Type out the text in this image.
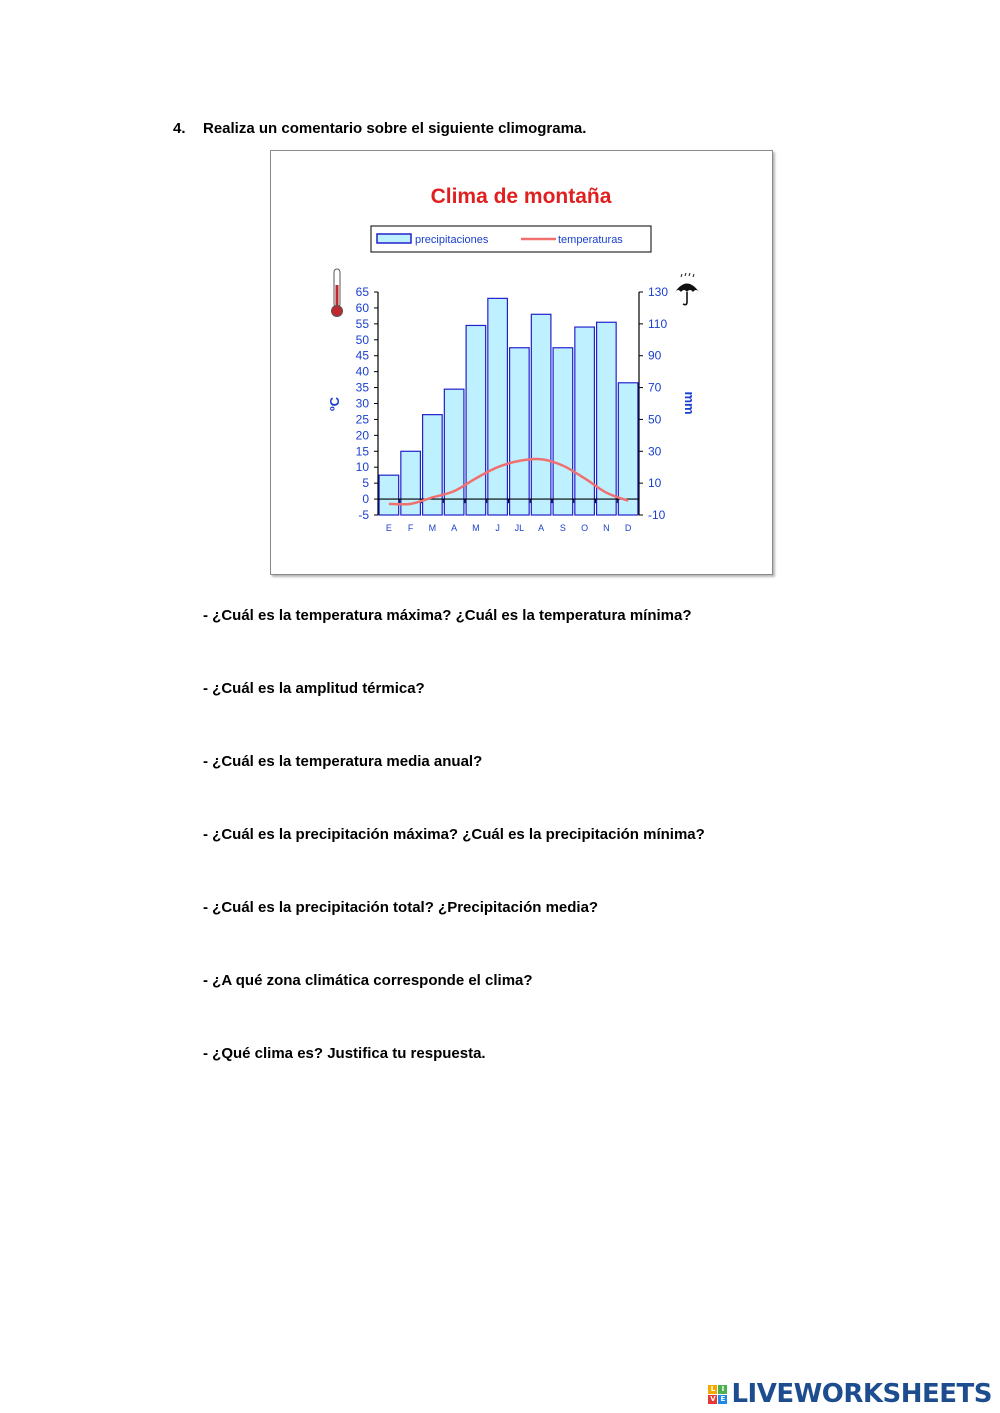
4. Realiza un comentario sobre el siguiente climograma.
Clima de montaña
precipitaciones	temperaturas
65
60
55
50
45
40
35
30
25
20
15
10
5
0
-5
130
110
90
70
50
30
10
-10
E F M A M J JL A S O N D
ºC	mm
- ¿Cuál es la temperatura máxima? ¿Cuál es la temperatura mínima?
- ¿Cuál es la amplitud térmica?
- ¿Cuál es la temperatura media anual?
- ¿Cuál es la precipitación máxima? ¿Cuál es la precipitación mínima?
- ¿Cuál es la precipitación total? ¿Precipitación media?
- ¿A qué zona climática corresponde el clima?
- ¿Qué clima es? Justifica tu respuesta.
L I
V E LIVEWORKSHEETS
